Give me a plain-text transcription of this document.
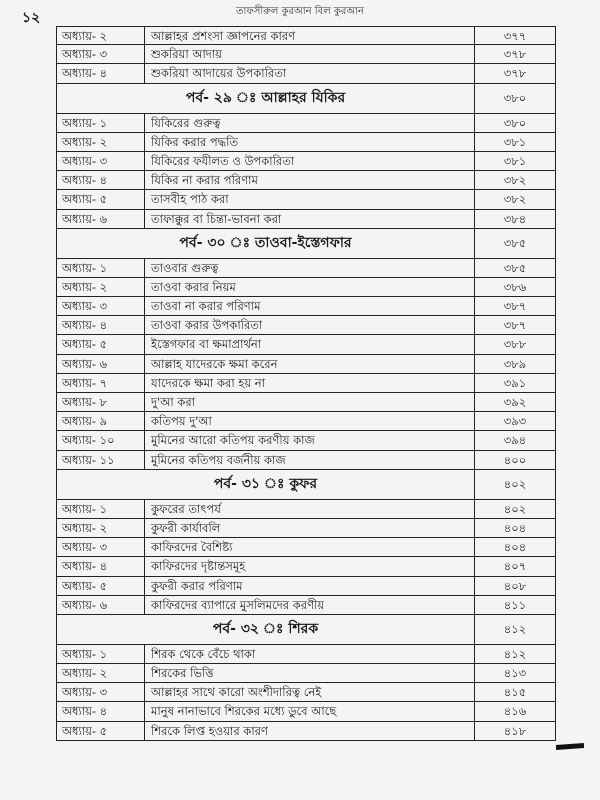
১২	তাফসীরুল কুরআন বিল কুরআন
অধ্যায়- ২	আল্লাহর প্রশংসা জ্ঞাপনের কারণ	৩৭৭
অধ্যায়- ৩	শুকরিয়া আদায়	৩৭৮
অধ্যায়- ৪	শুকরিয়া আদায়ের উপকারিতা	৩৭৮
পর্ব- ২৯ ঃ আল্লাহর যিকির	৩৮০
অধ্যায়- ১	যিকিরের গুরুত্ব	৩৮০
অধ্যায়- ২	যিকির করার পদ্ধতি	৩৮১
অধ্যায়- ৩	যিকিরের ফযীলত ও উপকারিতা	৩৮১
অধ্যায়- ৪	যিকির না করার পরিণাম	৩৮২
অধ্যায়- ৫	তাসবীহ পাঠ করা	৩৮২
অধ্যায়- ৬	তাফাক্কুর বা চিন্তা-ভাবনা করা	৩৮৪
পর্ব- ৩০ ঃ তাওবা-ইস্তেগফার	৩৮৫
অধ্যায়- ১	তাওবার গুরুত্ব	৩৮৫
অধ্যায়- ২	তাওবা করার নিয়ম	৩৮৬
অধ্যায়- ৩	তাওবা না করার পরিণাম	৩৮৭
অধ্যায়- ৪	তাওবা করার উপকারিতা	৩৮৭
অধ্যায়- ৫	ইস্তেগফার বা ক্ষমাপ্রার্থনা	৩৮৮
অধ্যায়- ৬	আল্লাহ যাদেরকে ক্ষমা করেন	৩৮৯
অধ্যায়- ৭	যাদেরকে ক্ষমা করা হয় না	৩৯১
অধ্যায়- ৮	দু'আ করা	৩৯২
অধ্যায়- ৯	কতিপয় দু'আ	৩৯৩
অধ্যায়- ১০	মুমিনের আরো কতিপয় করণীয় কাজ	৩৯৪
অধ্যায়- ১১	মুমিনের কতিপয় বর্জনীয় কাজ	৪০০
পর্ব- ৩১ ঃ কুফর	৪০২
অধ্যায়- ১	কুফরের তাৎপর্য	৪০২
অধ্যায়- ২	কুফরী কার্যাবলি	৪০৪
অধ্যায়- ৩	কাফিরদের বৈশিষ্ট্য	৪০৪
অধ্যায়- ৪	কাফিরদের দৃষ্টান্তসমূহ	৪০৭
অধ্যায়- ৫	কুফরী করার পরিণাম	৪০৮
অধ্যায়- ৬	কাফিরদের ব্যাপারে মুসলিমদের করণীয়	৪১১
পর্ব- ৩২ ঃ শিরক	৪১২
অধ্যায়- ১	শিরক থেকে বেঁচে থাকা	৪১২
অধ্যায়- ২	শিরকের ভিত্তি	৪১৩
অধ্যায়- ৩	আল্লাহর সাথে কারো অংশীদারিত্ব নেই	৪১৫
অধ্যায়- ৪	মানুষ নানাভাবে শিরকের মধ্যে ডুবে আছে	৪১৬
অধ্যায়- ৫	শিরকে লিপ্ত হওয়ার কারণ	৪১৮
